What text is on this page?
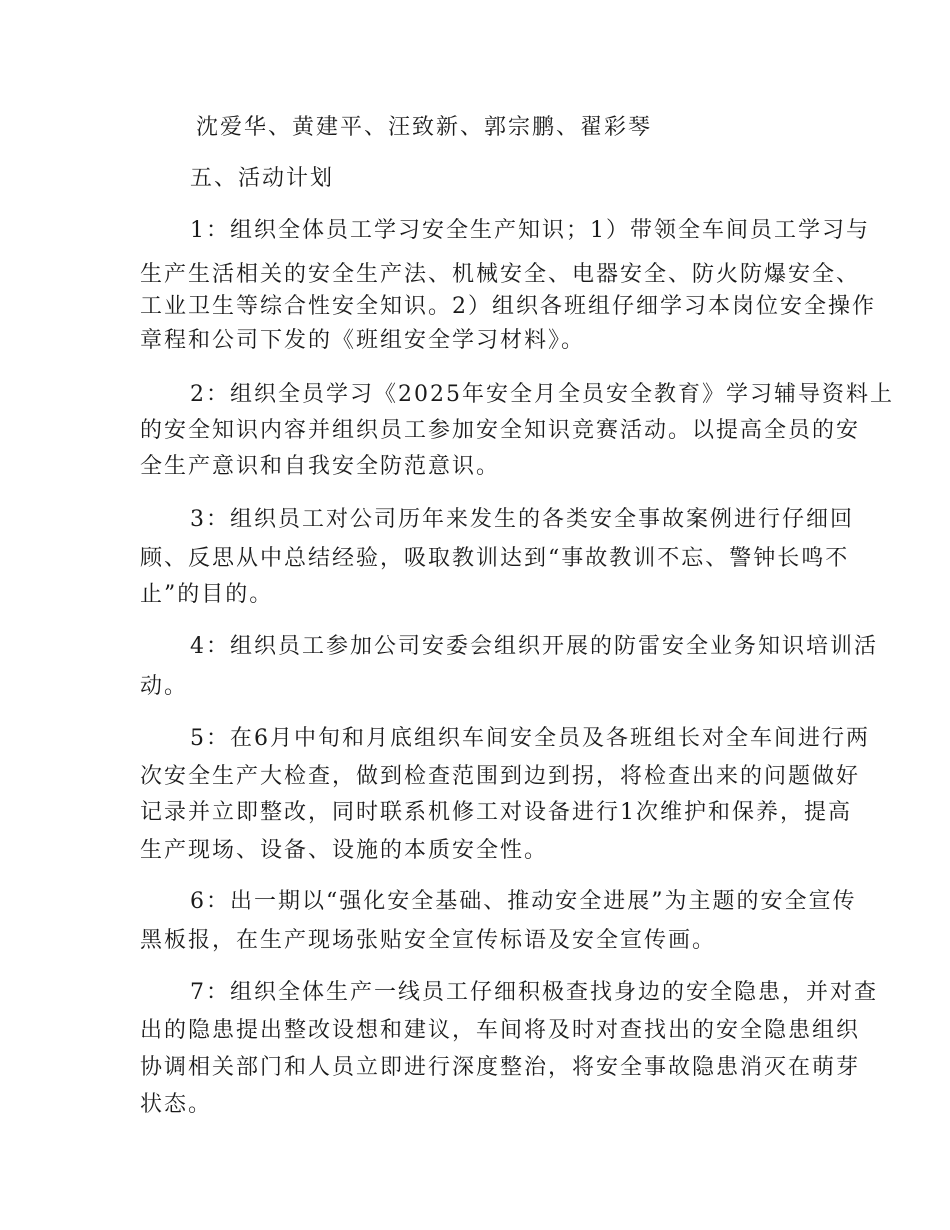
沈爱华、黄建平、汪致新、郭宗鹏、翟彩琴
五、活动计划
1：组织全体员工学习安全生产知识；1）带领全车间员工学习与
生产生活相关的安全生产法、机械安全、电器安全、防火防爆安全、
工业卫生等综合性安全知识。2）组织各班组仔细学习本岗位安全操作
章程和公司下发的《班组安全学习材料》。
2：组织全员学习《2025年安全月全员安全教育》学习辅导资料上
的安全知识内容并组织员工参加安全知识竞赛活动。以提高全员的安
全生产意识和自我安全防范意识。
3：组织员工对公司历年来发生的各类安全事故案例进行仔细回
顾、反思从中总结经验，吸取教训达到“事故教训不忘、警钟长鸣不
止”的目的。
4：组织员工参加公司安委会组织开展的防雷安全业务知识培训活
动。
5：在6月中旬和月底组织车间安全员及各班组长对全车间进行两
次安全生产大检查，做到检查范围到边到拐，将检查出来的问题做好
记录并立即整改，同时联系机修工对设备进行1次维护和保养，提高
生产现场、设备、设施的本质安全性。
6：出一期以“强化安全基础、推动安全进展”为主题的安全宣传
黑板报，在生产现场张贴安全宣传标语及安全宣传画。
7：组织全体生产一线员工仔细积极查找身边的安全隐患，并对查
出的隐患提出整改设想和建议，车间将及时对查找出的安全隐患组织
协调相关部门和人员立即进行深度整治，将安全事故隐患消灭在萌芽
状态。
